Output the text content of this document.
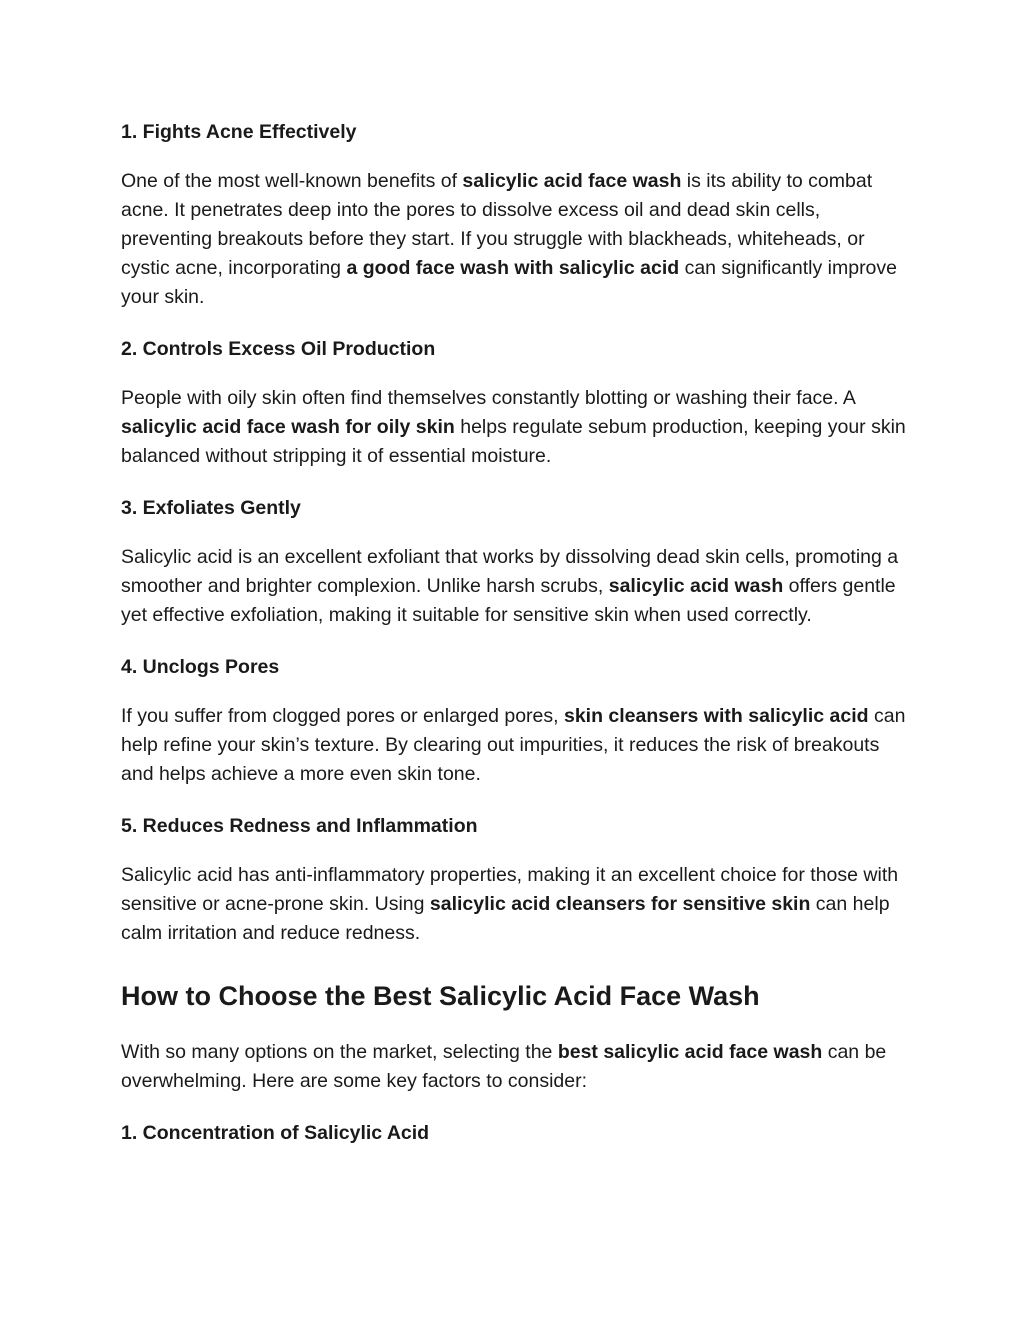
1. Fights Acne Effectively

One of the most well-known benefits of salicylic acid face wash is its ability to combat acne. It penetrates deep into the pores to dissolve excess oil and dead skin cells, preventing breakouts before they start. If you struggle with blackheads, whiteheads, or cystic acne, incorporating a good face wash with salicylic acid can significantly improve your skin.

2. Controls Excess Oil Production

People with oily skin often find themselves constantly blotting or washing their face. A salicylic acid face wash for oily skin helps regulate sebum production, keeping your skin balanced without stripping it of essential moisture.

3. Exfoliates Gently

Salicylic acid is an excellent exfoliant that works by dissolving dead skin cells, promoting a smoother and brighter complexion. Unlike harsh scrubs, salicylic acid wash offers gentle yet effective exfoliation, making it suitable for sensitive skin when used correctly.

4. Unclogs Pores

If you suffer from clogged pores or enlarged pores, skin cleansers with salicylic acid can help refine your skin’s texture. By clearing out impurities, it reduces the risk of breakouts and helps achieve a more even skin tone.

5. Reduces Redness and Inflammation

Salicylic acid has anti-inflammatory properties, making it an excellent choice for those with sensitive or acne-prone skin. Using salicylic acid cleansers for sensitive skin can help calm irritation and reduce redness.

How to Choose the Best Salicylic Acid Face Wash

With so many options on the market, selecting the best salicylic acid face wash can be overwhelming. Here are some key factors to consider:

1. Concentration of Salicylic Acid
